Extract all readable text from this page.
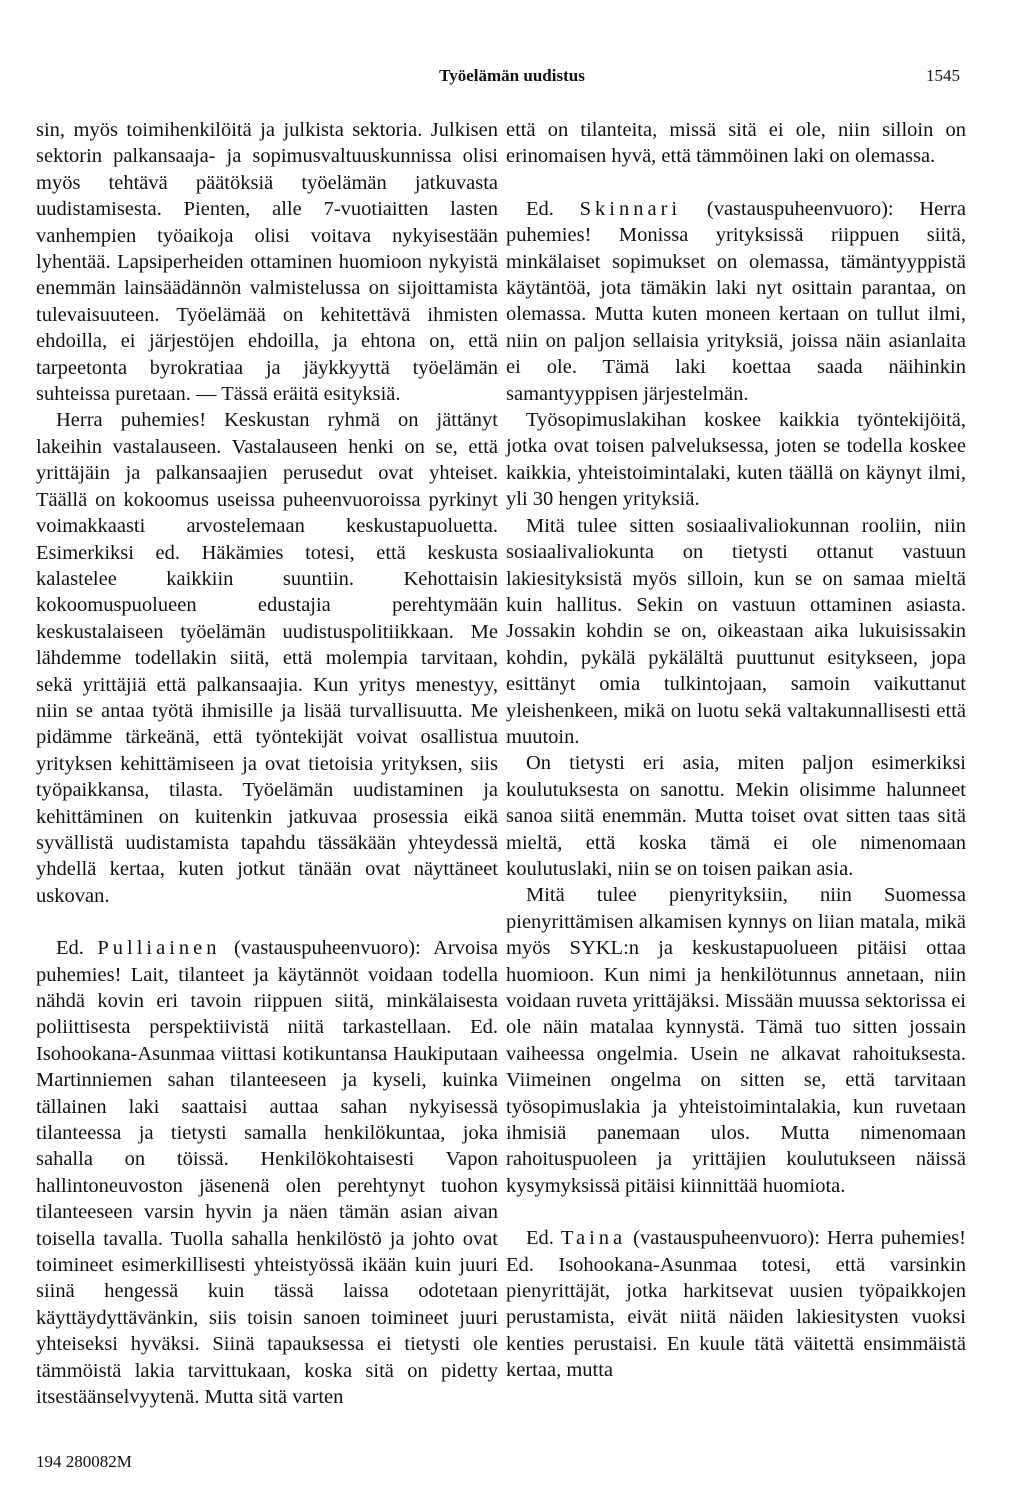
Työelämän uudistus	1545

sin, myös toimihenkilöitä ja julkista sektoria. Julkisen sektorin palkansaaja- ja sopimusvaltuuskunnissa olisi myös tehtävä päätöksiä työelämän jatkuvasta uudistamisesta. Pienten, alle 7-vuotiaitten lasten vanhempien työaikoja olisi voitava nykyisestään lyhentää. Lapsiperheiden ottaminen huomioon nykyistä enemmän lainsäädännön valmistelussa on sijoittamista tulevaisuuteen. Työelämää on kehitettävä ihmisten ehdoilla, ei järjestöjen ehdoilla, ja ehtona on, että tarpeetonta byrokratiaa ja jäykkyyttä työelämän suhteissa puretaan. — Tässä eräitä esityksiä.

Herra puhemies! Keskustan ryhmä on jättänyt lakeihin vastalauseen. Vastalauseen henki on se, että yrittäjäin ja palkansaajien perusedut ovat yhteiset. Täällä on kokoomus useissa puheenvuoroissa pyrkinyt voimakkaasti arvostelemaan keskustapuoluetta. Esimerkiksi ed. Häkämies totesi, että keskusta kalastelee kaikkiin suuntiin. Kehottaisin kokoomuspuolueen edustajia perehtymään keskustalaiseen työelämän uudistuspolitiikkaan. Me lähdemme todellakin siitä, että molempia tarvitaan, sekä yrittäjiä että palkansaajia. Kun yritys menestyy, niin se antaa työtä ihmisille ja lisää turvallisuutta. Me pidämme tärkeänä, että työntekijät voivat osallistua yrityksen kehittämiseen ja ovat tietoisia yrityksen, siis työpaikkansa, tilasta. Työelämän uudistaminen ja kehittäminen on kuitenkin jatkuvaa prosessia eikä syvällistä uudistamista tapahdu tässäkään yhteydessä yhdellä kertaa, kuten jotkut tänään ovat näyttäneet uskovan.

Ed. Pulliainen (vastauspuheenvuoro): Arvoisa puhemies! Lait, tilanteet ja käytännöt voidaan todella nähdä kovin eri tavoin riippuen siitä, minkälaisesta poliittisesta perspektiivistä niitä tarkastellaan. Ed. Isohookana-Asunmaa viittasi kotikuntansa Haukiputaan Martinniemen sahan tilanteeseen ja kyseli, kuinka tällainen laki saattaisi auttaa sahan nykyisessä tilanteessa ja tietysti samalla henkilökuntaa, joka sahalla on töissä. Henkilökohtaisesti Vapon hallintoneuvoston jäsenenä olen perehtynyt tuohon tilanteeseen varsin hyvin ja näen tämän asian aivan toisella tavalla. Tuolla sahalla henkilöstö ja johto ovat toimineet esimerkillisesti yhteistyössä ikään kuin juuri siinä hengessä kuin tässä laissa odotetaan käyttäydyttävänkin, siis toisin sanoen toimineet juuri yhteiseksi hyväksi. Siinä tapauksessa ei tietysti ole tämmöistä lakia tarvittukaan, koska sitä on pidetty itsestäänselvyytenä. Mutta sitä varten

että on tilanteita, missä sitä ei ole, niin silloin on erinomaisen hyvä, että tämmöinen laki on olemassa.

Ed. Skinnari (vastauspuheenvuoro): Herra puhemies! Monissa yrityksissä riippuen siitä, minkälaiset sopimukset on olemassa, tämäntyyppistä käytäntöä, jota tämäkin laki nyt osittain parantaa, on olemassa. Mutta kuten moneen kertaan on tullut ilmi, niin on paljon sellaisia yrityksiä, joissa näin asianlaita ei ole. Tämä laki koettaa saada näihinkin samantyyppisen järjestelmän.

Työsopimuslakihan koskee kaikkia työntekijöitä, jotka ovat toisen palveluksessa, joten se todella koskee kaikkia, yhteistoimintalaki, kuten täällä on käynyt ilmi, yli 30 hengen yrityksiä.

Mitä tulee sitten sosiaalivaliokunnan rooliin, niin sosiaalivaliokunta on tietysti ottanut vastuun lakiesityksistä myös silloin, kun se on samaa mieltä kuin hallitus. Sekin on vastuun ottaminen asiasta. Jossakin kohdin se on, oikeastaan aika lukuisissakin kohdin, pykälä pykälältä puuttunut esitykseen, jopa esittänyt omia tulkintojaan, samoin vaikuttanut yleishenkeen, mikä on luotu sekä valtakunnallisesti että muutoin.

On tietysti eri asia, miten paljon esimerkiksi koulutuksesta on sanottu. Mekin olisimme halunneet sanoa siitä enemmän. Mutta toiset ovat sitten taas sitä mieltä, että koska tämä ei ole nimenomaan koulutuslaki, niin se on toisen paikan asia.

Mitä tulee pienyrityksiin, niin Suomessa pienyrittämisen alkamisen kynnys on liian matala, mikä myös SYKL:n ja keskustapuolueen pitäisi ottaa huomioon. Kun nimi ja henkilötunnus annetaan, niin voidaan ruveta yrittäjäksi. Missään muussa sektorissa ei ole näin matalaa kynnystä. Tämä tuo sitten jossain vaiheessa ongelmia. Usein ne alkavat rahoituksesta. Viimeinen ongelma on sitten se, että tarvitaan työsopimuslakia ja yhteistoimintalakia, kun ruvetaan ihmisiä panemaan ulos. Mutta nimenomaan rahoituspuoleen ja yrittäjien koulutukseen näissä kysymyksissä pitäisi kiinnittää huomiota.

Ed. Taina (vastauspuheenvuoro): Herra puhemies! Ed. Isohookana-Asunmaa totesi, että varsinkin pienyrittäjät, jotka harkitsevat uusien työpaikkojen perustamista, eivät niitä näiden lakiesitysten vuoksi kenties perustaisi. En kuule tätä väitettä ensimmäistä kertaa, mutta

194 280082M
